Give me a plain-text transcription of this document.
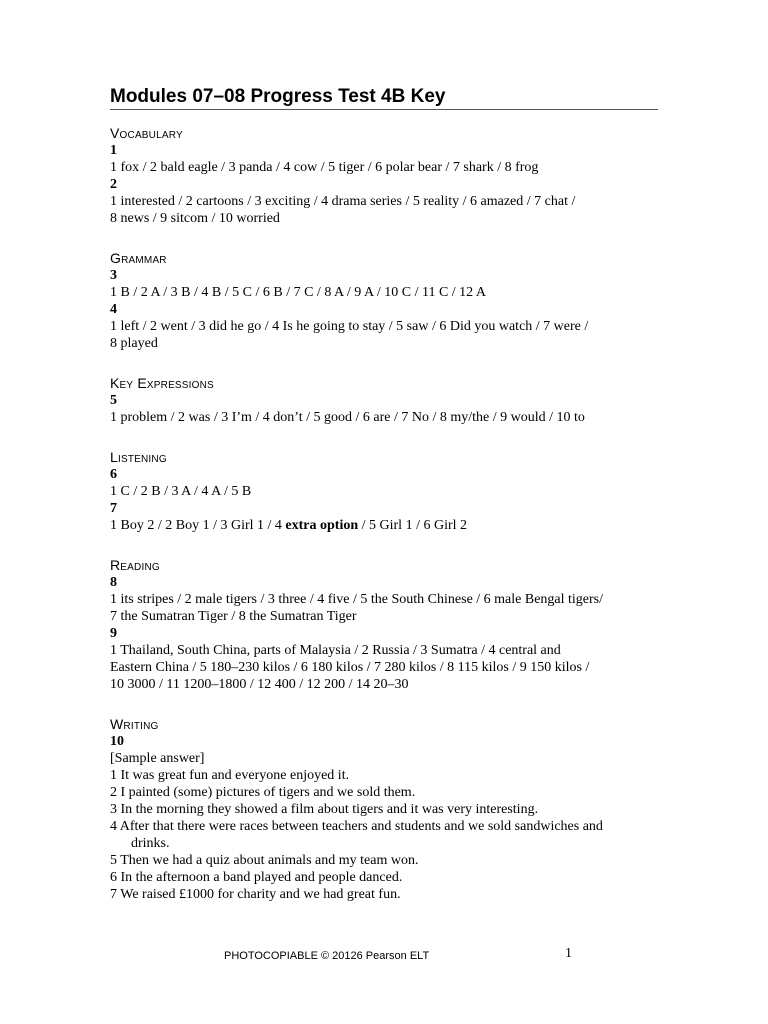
Modules 07–08 Progress Test 4B Key
Vocabulary
1
1 fox / 2 bald eagle / 3 panda / 4 cow / 5 tiger / 6 polar bear / 7 shark / 8 frog
2
1 interested / 2 cartoons / 3 exciting / 4 drama series / 5 reality / 6 amazed / 7 chat /
8 news / 9 sitcom / 10 worried
Grammar
3
1 B / 2 A / 3 B / 4 B / 5 C / 6 B / 7 C / 8 A / 9 A / 10 C / 11 C / 12 A
4
1 left / 2 went / 3 did he go / 4 Is he going to stay / 5 saw / 6 Did you watch / 7 were /
8 played
Key Expressions
5
1 problem / 2 was / 3 I’m / 4 don’t / 5 good / 6 are / 7 No / 8 my/the / 9 would / 10 to
Listening
6
1 C / 2 B / 3 A / 4 A / 5 B
7
1 Boy 2 / 2 Boy 1 / 3 Girl 1 / 4 extra option / 5 Girl 1 / 6 Girl 2
Reading
8
1 its stripes / 2 male tigers / 3 three / 4 five / 5 the South Chinese / 6 male Bengal tigers/
7 the Sumatran Tiger / 8 the Sumatran Tiger
9
1 Thailand, South China, parts of Malaysia / 2 Russia / 3 Sumatra / 4 central and
Eastern China / 5 180–230 kilos / 6 180 kilos / 7 280 kilos / 8 115 kilos / 9 150 kilos /
10 3000 / 11 1200–1800 / 12 400 / 12 200 / 14 20–30
Writing
10
[Sample answer]
1 It was great fun and everyone enjoyed it.
2 I painted (some) pictures of tigers and we sold them.
3 In the morning they showed a film about tigers and it was very interesting.
4 After that there were races between teachers and students and we sold sandwiches and
drinks.
5 Then we had a quiz about animals and my team won.
6 In the afternoon a band played and people danced.
7 We raised £1000 for charity and we had great fun.
PHOTOCOPIABLE © 20126 Pearson ELT	1
